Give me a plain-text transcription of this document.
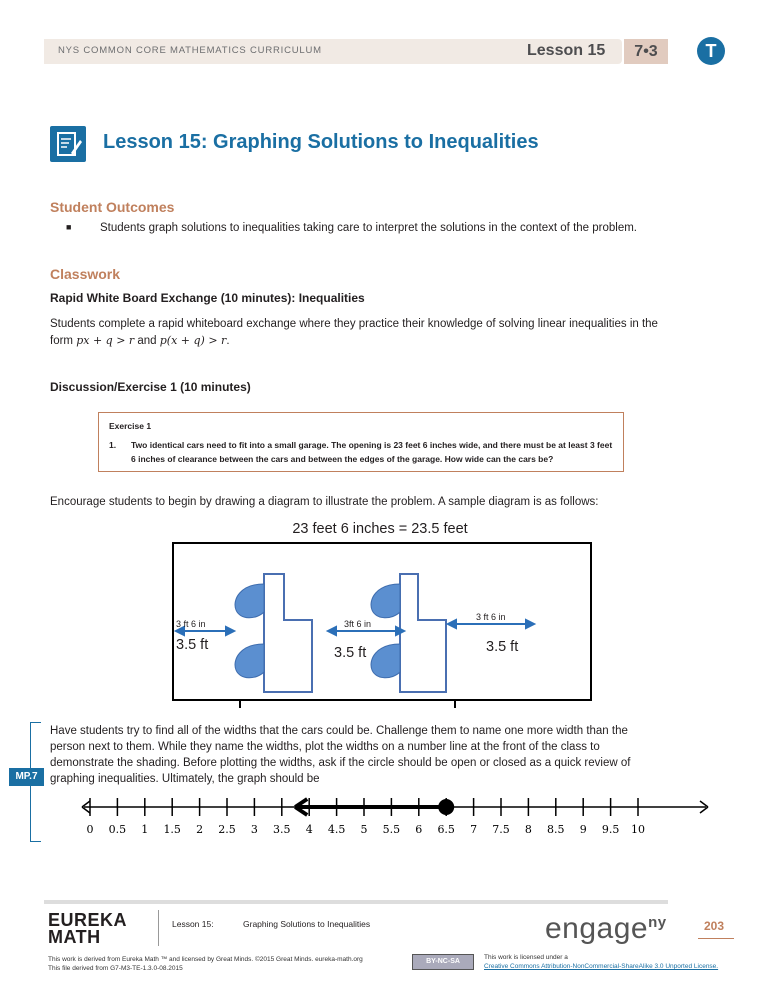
NYS COMMON CORE MATHEMATICS CURRICULUM	Lesson 15	7•3	T
Lesson 15: Graphing Solutions to Inequalities
Student Outcomes
■ Students graph solutions to inequalities taking care to interpret the solutions in the context of the problem.
Classwork
Rapid White Board Exchange (10 minutes): Inequalities
Students complete a rapid whiteboard exchange where they practice their knowledge of solving linear inequalities in the
form px + q > r and p(x + q) > r.
Discussion/Exercise 1 (10 minutes)
Exercise 1
1. Two identical cars need to fit into a small garage. The opening is 23 feet 6 inches wide, and there must be at least 3 feet 6 inches of clearance between the cars and between the edges of the garage. How wide can the cars be?
Encourage students to begin by drawing a diagram to illustrate the problem. A sample diagram is as follows:
23 feet 6 inches = 23.5 feet
3 ft 6 in
3.5 ft
3ft 6 in
3.5 ft
3 ft 6 in
3.5 ft
MP.7
Have students try to find all of the widths that the cars could be. Challenge them to name one more width than the
person next to them. While they name the widths, plot the widths on a number line at the front of the class to
demonstrate the shading. Before plotting the widths, ask if the circle should be open or closed as a quick review of
graphing inequalities. Ultimately, the graph should be
0 0.5 1 1.5 2 2.5 3 3.5 4 4.5 5 5.5 6 6.5 7 7.5 8 8.5 9 9.5 10
EUREKA
MATH
Lesson 15:	Graphing Solutions to Inequalities	engage$^{ny}$	203
This work is derived from Eureka Math ™ and licensed by Great Minds. ©2015 Great Minds. eureka-math.org
This file derived from G7-M3-TE-1.3.0-08.2015
BY-NC-SA
This work is licensed under a
Creative Commons Attribution-NonCommercial-ShareAlike 3.0 Unported License.
